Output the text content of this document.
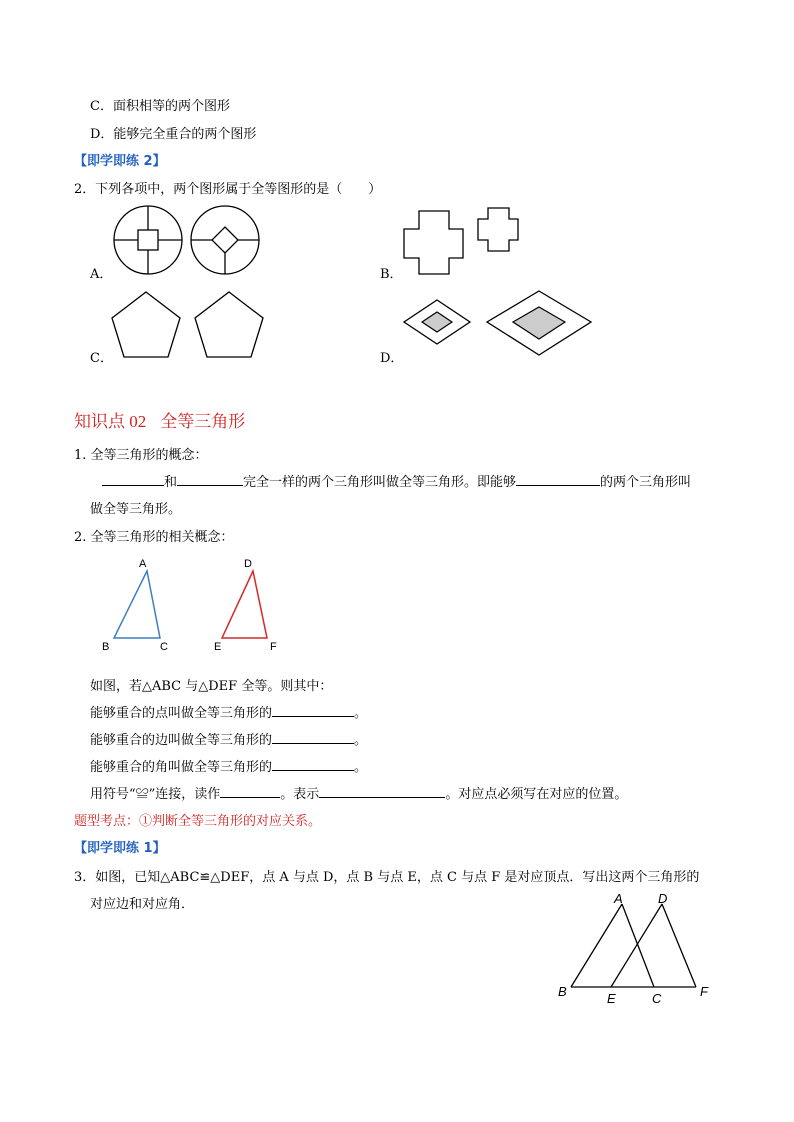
C．面积相等的两个图形
D．能够完全重合的两个图形
【即学即练 2】
2．下列各项中，两个图形属于全等图形的是（　　）
A．	B．
C．	D．
知识点 02 全等三角形
1. 全等三角形的概念：
和	完全一样的两个三角形叫做全等三角形。即能够	的两个三角形叫
做全等三角形。
2. 全等三角形的相关概念：
A
B	C
D
E	F
如图，若△ABC 与△DEF 全等。则其中：
能够重合的点叫做全等三角形的	。
能够重合的边叫做全等三角形的	。
能够重合的角叫做全等三角形的	。
用符号“≌”连接，读作	。表示	。对应点必须写在对应的位置。
题型考点：①判断全等三角形的对应关系。
【即学即练 1】
3．如图，已知△ABC≌△DEF，点 A 与点 D，点 B 与点 E，点 C 与点 F 是对应顶点．写出这两个三角形的
对应边和对应角．	A	D
B	E	C	F
